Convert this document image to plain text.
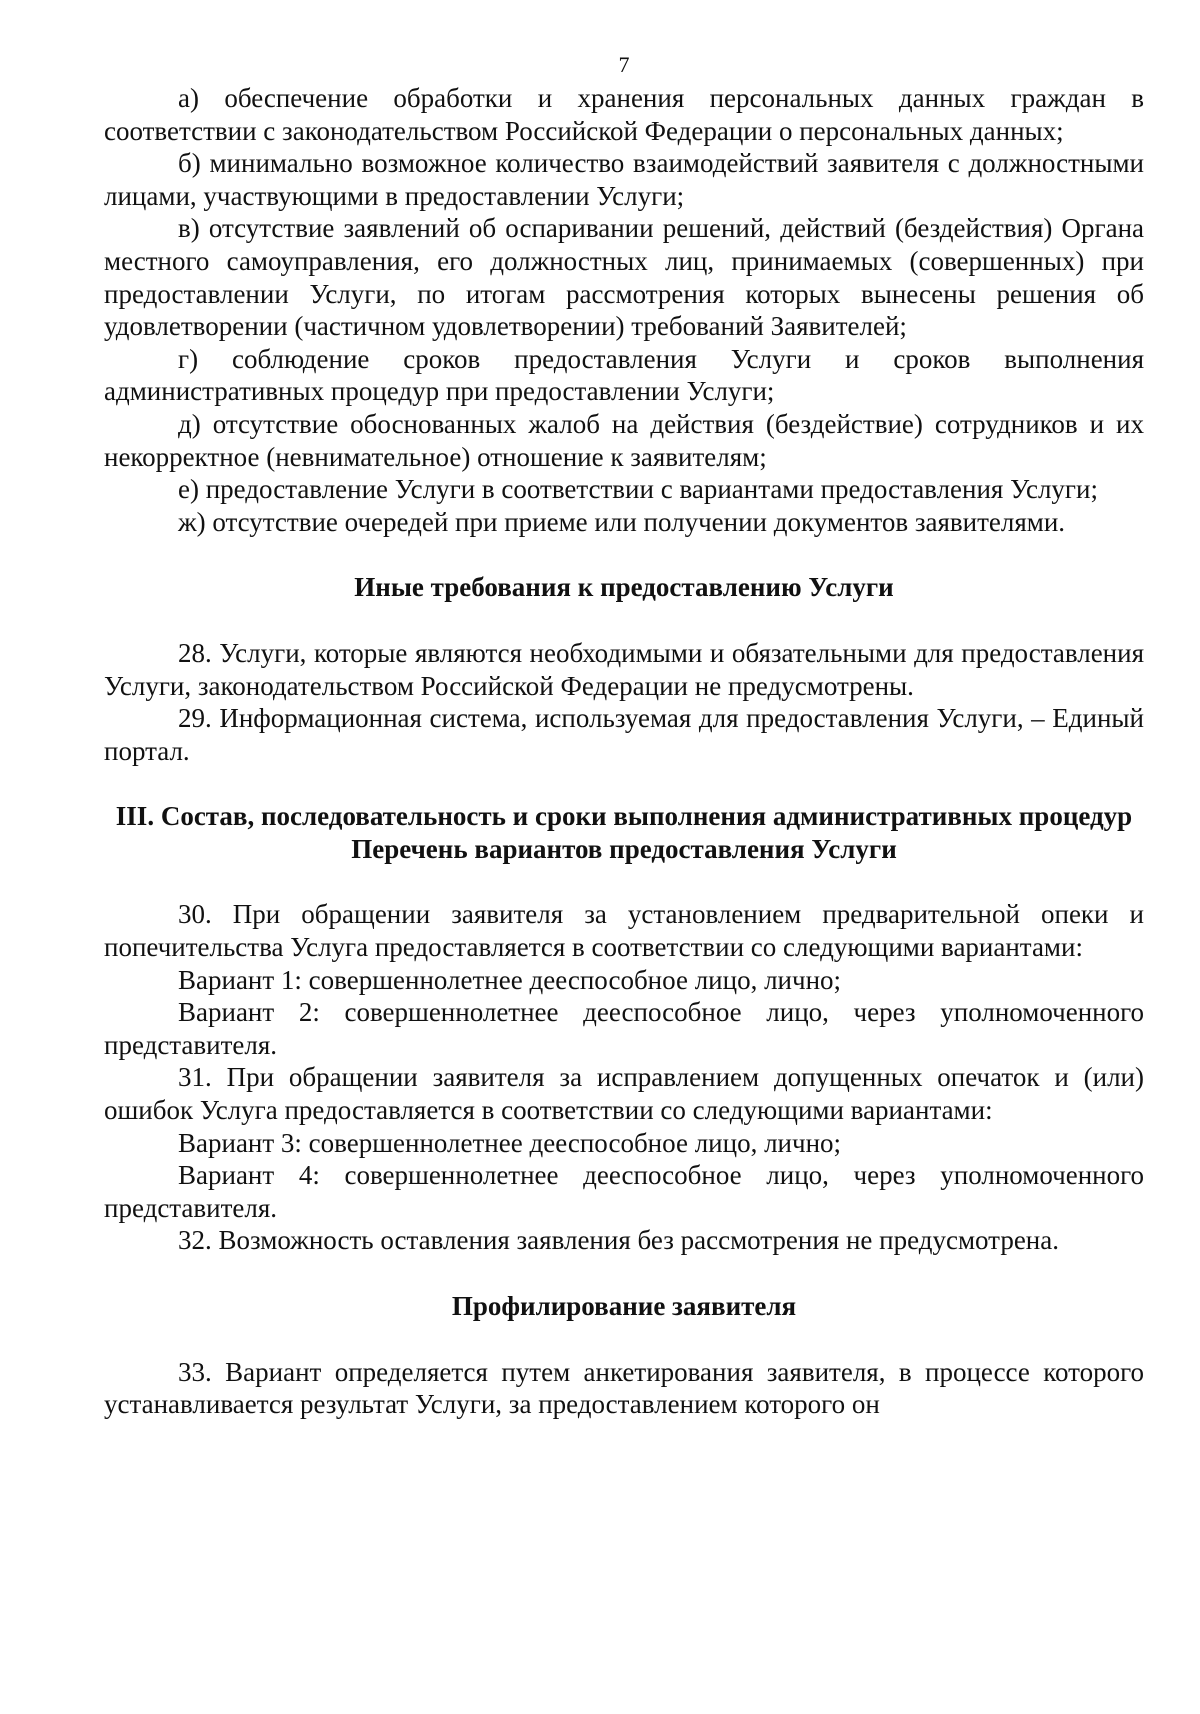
7

а) обеспечение обработки и хранения персональных данных граждан в соответствии с законодательством Российской Федерации о персональных данных;

б) минимально возможное количество взаимодействий заявителя с должностными лицами, участвующими в предоставлении Услуги;

в) отсутствие заявлений об оспаривании решений, действий (бездействия) Органа местного самоуправления, его должностных лиц, принимаемых (совершенных) при предоставлении Услуги, по итогам рассмотрения которых вынесены решения об удовлетворении (частичном удовлетворении) требований Заявителей;

г) соблюдение сроков предоставления Услуги и сроков выполнения административных процедур при предоставлении Услуги;

д) отсутствие обоснованных жалоб на действия (бездействие) сотрудников и их некорректное (невнимательное) отношение к заявителям;

е) предоставление Услуги в соответствии с вариантами предоставления Услуги;

ж) отсутствие очередей при приеме или получении документов заявителями.

Иные требования к предоставлению Услуги

28. Услуги, которые являются необходимыми и обязательными для предоставления Услуги, законодательством Российской Федерации не предусмотрены.

29. Информационная система, используемая для предоставления Услуги, – Единый портал.

III. Состав, последовательность и сроки выполнения административных процедур
Перечень вариантов предоставления Услуги

30. При обращении заявителя за установлением предварительной опеки и попечительства Услуга предоставляется в соответствии со следующими вариантами:

Вариант 1: совершеннолетнее дееспособное лицо, лично;

Вариант 2: совершеннолетнее дееспособное лицо, через уполномоченного представителя.

31. При обращении заявителя за исправлением допущенных опечаток и (или) ошибок Услуга предоставляется в соответствии со следующими вариантами:

Вариант 3: совершеннолетнее дееспособное лицо, лично;

Вариант 4: совершеннолетнее дееспособное лицо, через уполномоченного представителя.

32. Возможность оставления заявления без рассмотрения не предусмотрена.

Профилирование заявителя

33. Вариант определяется путем анкетирования заявителя, в процессе которого устанавливается результат Услуги, за предоставлением которого он
